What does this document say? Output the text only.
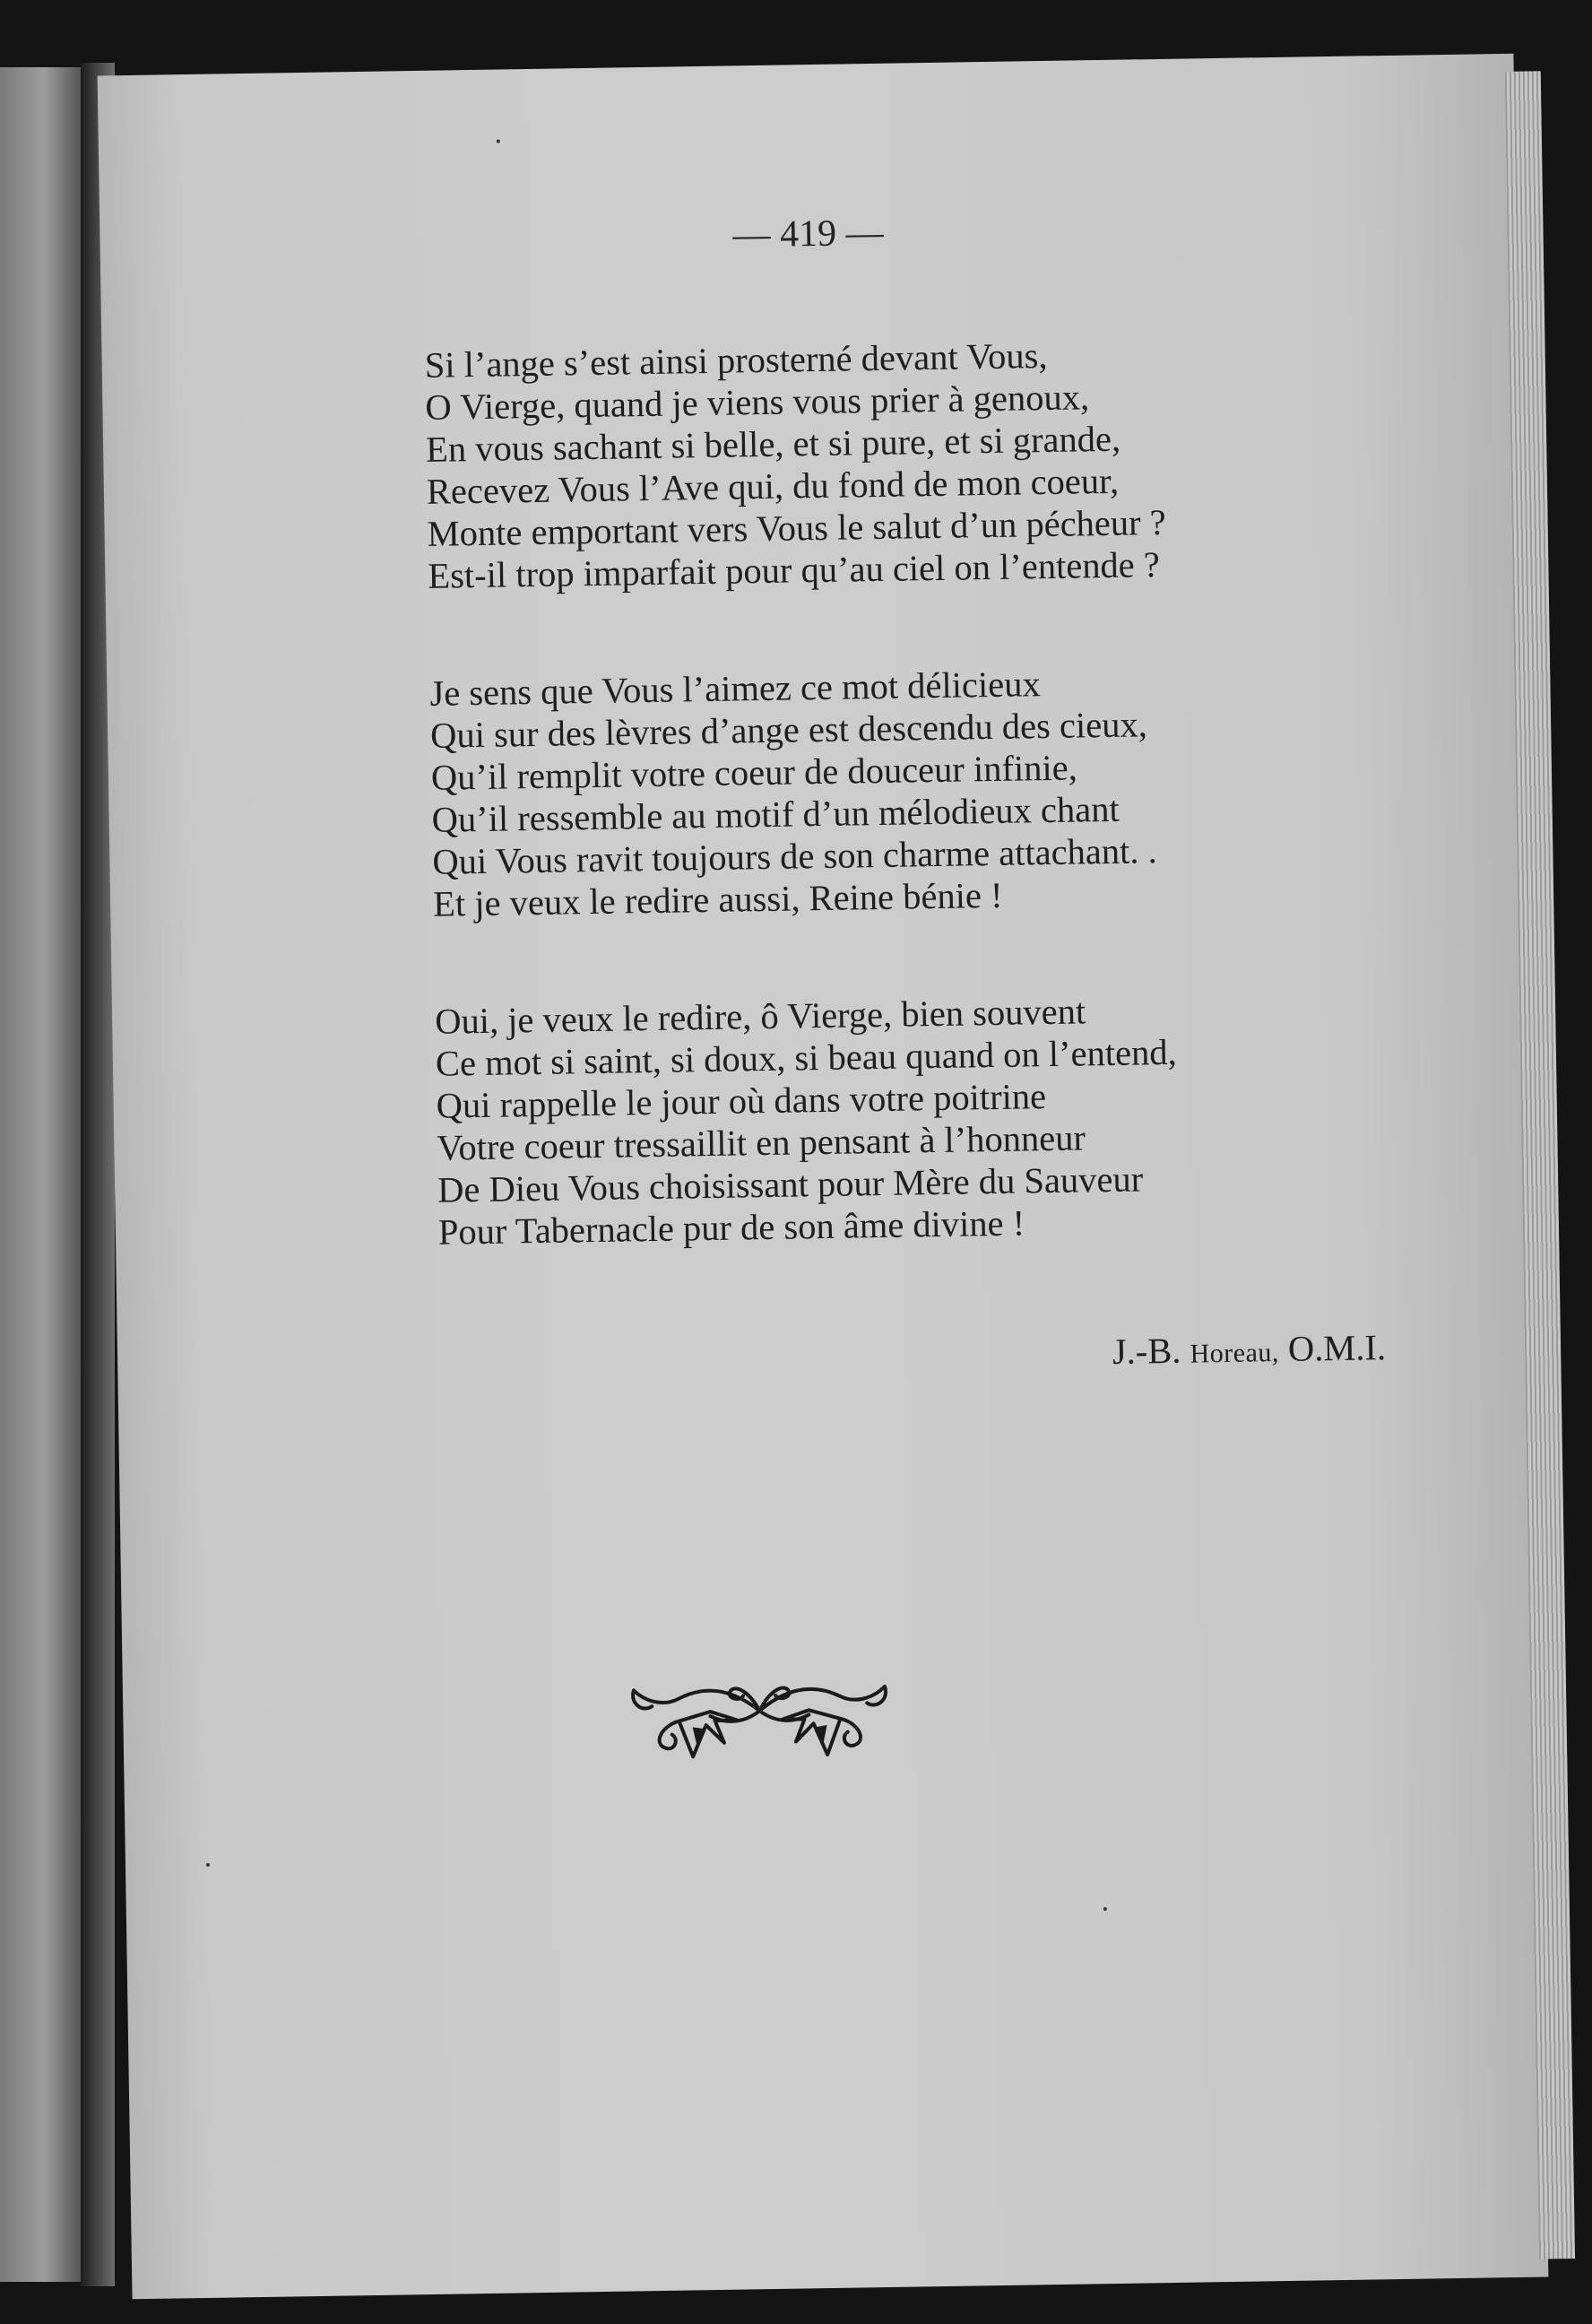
— 419 —
Si l’ange s’est ainsi prosterné devant Vous,
O Vierge, quand je viens vous prier à genoux,
En vous sachant si belle, et si pure, et si grande,
Recevez Vous l’Ave qui, du fond de mon coeur,
Monte emportant vers Vous le salut d’un pécheur ?
Est-il trop imparfait pour qu’au ciel on l’entende ?
Je sens que Vous l’aimez ce mot délicieux
Qui sur des lèvres d’ange est descendu des cieux,
Qu’il remplit votre coeur de douceur infinie,
Qu’il ressemble au motif d’un mélodieux chant
Qui Vous ravit toujours de son charme attachant. .
Et je veux le redire aussi, Reine bénie !
Oui, je veux le redire, ô Vierge, bien souvent
Ce mot si saint, si doux, si beau quand on l’entend,
Qui rappelle le jour où dans votre poitrine
Votre coeur tressaillit en pensant à l’honneur
De Dieu Vous choisissant pour Mère du Sauveur
Pour Tabernacle pur de son âme divine !
J.-B. Horeau, O.M.I.
